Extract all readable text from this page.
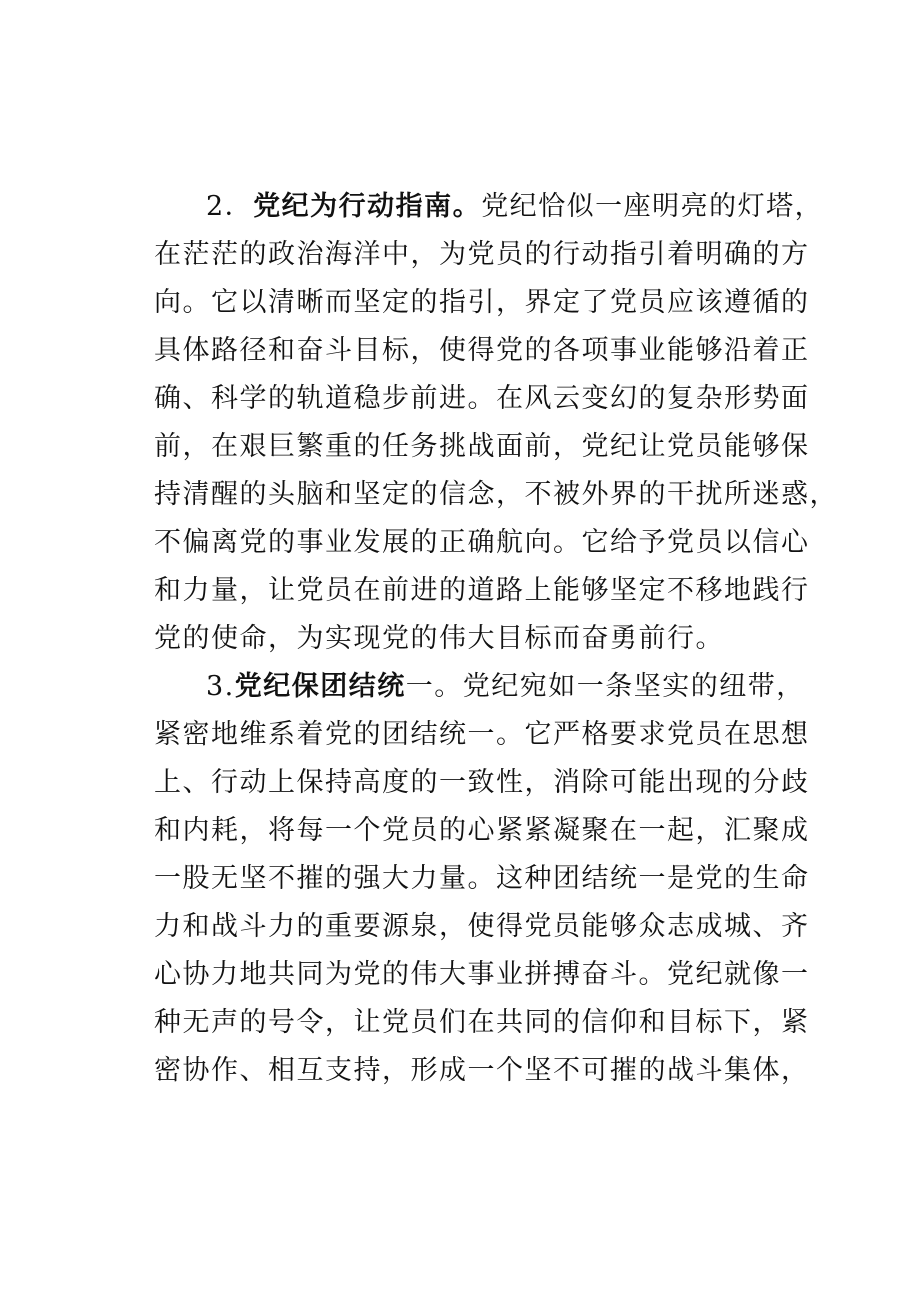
2．党纪为行动指南。党纪恰似一座明亮的灯塔，
在茫茫的政治海洋中，为党员的行动指引着明确的方
向。它以清晰而坚定的指引，界定了党员应该遵循的
具体路径和奋斗目标，使得党的各项事业能够沿着正
确、科学的轨道稳步前进。在风云变幻的复杂形势面
前，在艰巨繁重的任务挑战面前，党纪让党员能够保
持清醒的头脑和坚定的信念，不被外界的干扰所迷惑，
不偏离党的事业发展的正确航向。它给予党员以信心
和力量，让党员在前进的道路上能够坚定不移地践行
党的使命，为实现党的伟大目标而奋勇前行。
3.党纪保团结统一。党纪宛如一条坚实的纽带，
紧密地维系着党的团结统一。它严格要求党员在思想
上、行动上保持高度的一致性，消除可能出现的分歧
和内耗，将每一个党员的心紧紧凝聚在一起，汇聚成
一股无坚不摧的强大力量。这种团结统一是党的生命
力和战斗力的重要源泉，使得党员能够众志成城、齐
心协力地共同为党的伟大事业拼搏奋斗。党纪就像一
种无声的号令，让党员们在共同的信仰和目标下，紧
密协作、相互支持，形成一个坚不可摧的战斗集体，
